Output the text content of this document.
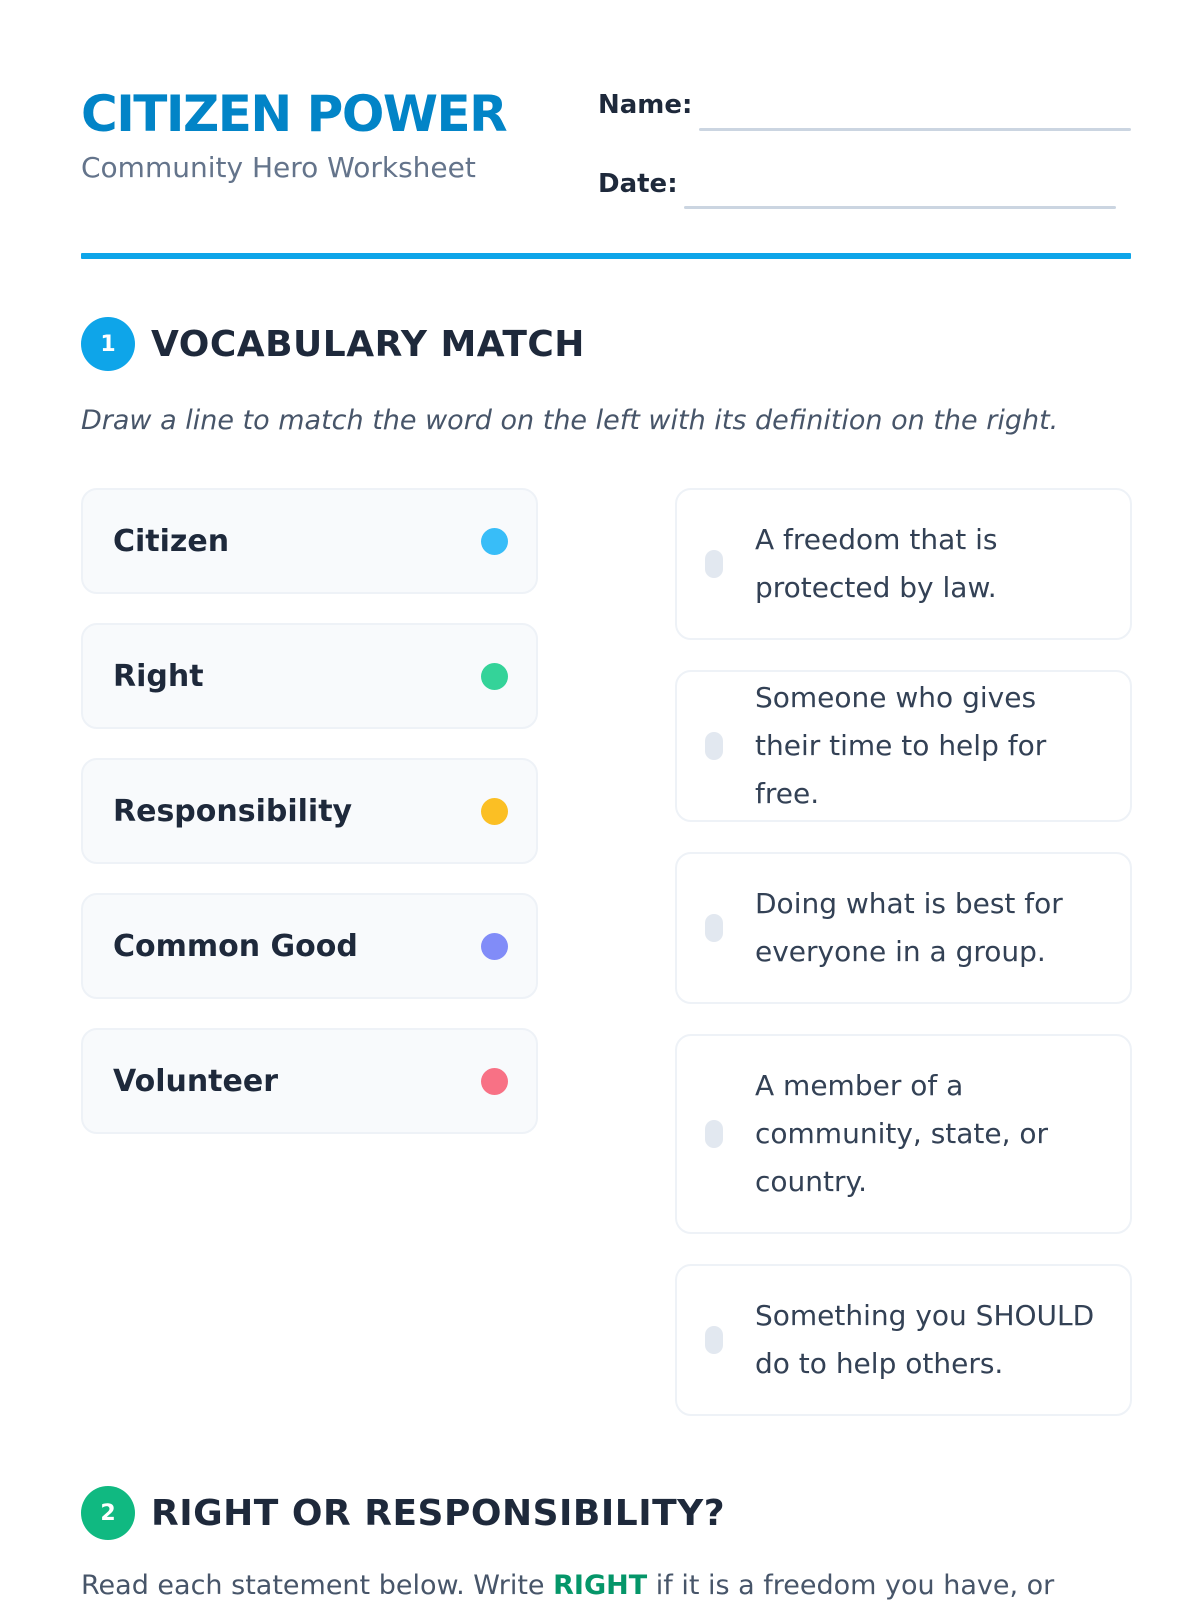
CITIZEN POWER
Community Hero Worksheet
Name:
Date:
1 VOCABULARY MATCH
Draw a line to match the word on the left with its definition on the right.
Citizen
Right
Responsibility
Common Good
Volunteer
A freedom that is protected by law.
Someone who gives their time to help for free.
Doing what is best for everyone in a group.
A member of a community, state, or country.
Something you SHOULD do to help others.
2 RIGHT OR RESPONSIBILITY?
Read each statement below. Write RIGHT if it is a freedom you have, or
